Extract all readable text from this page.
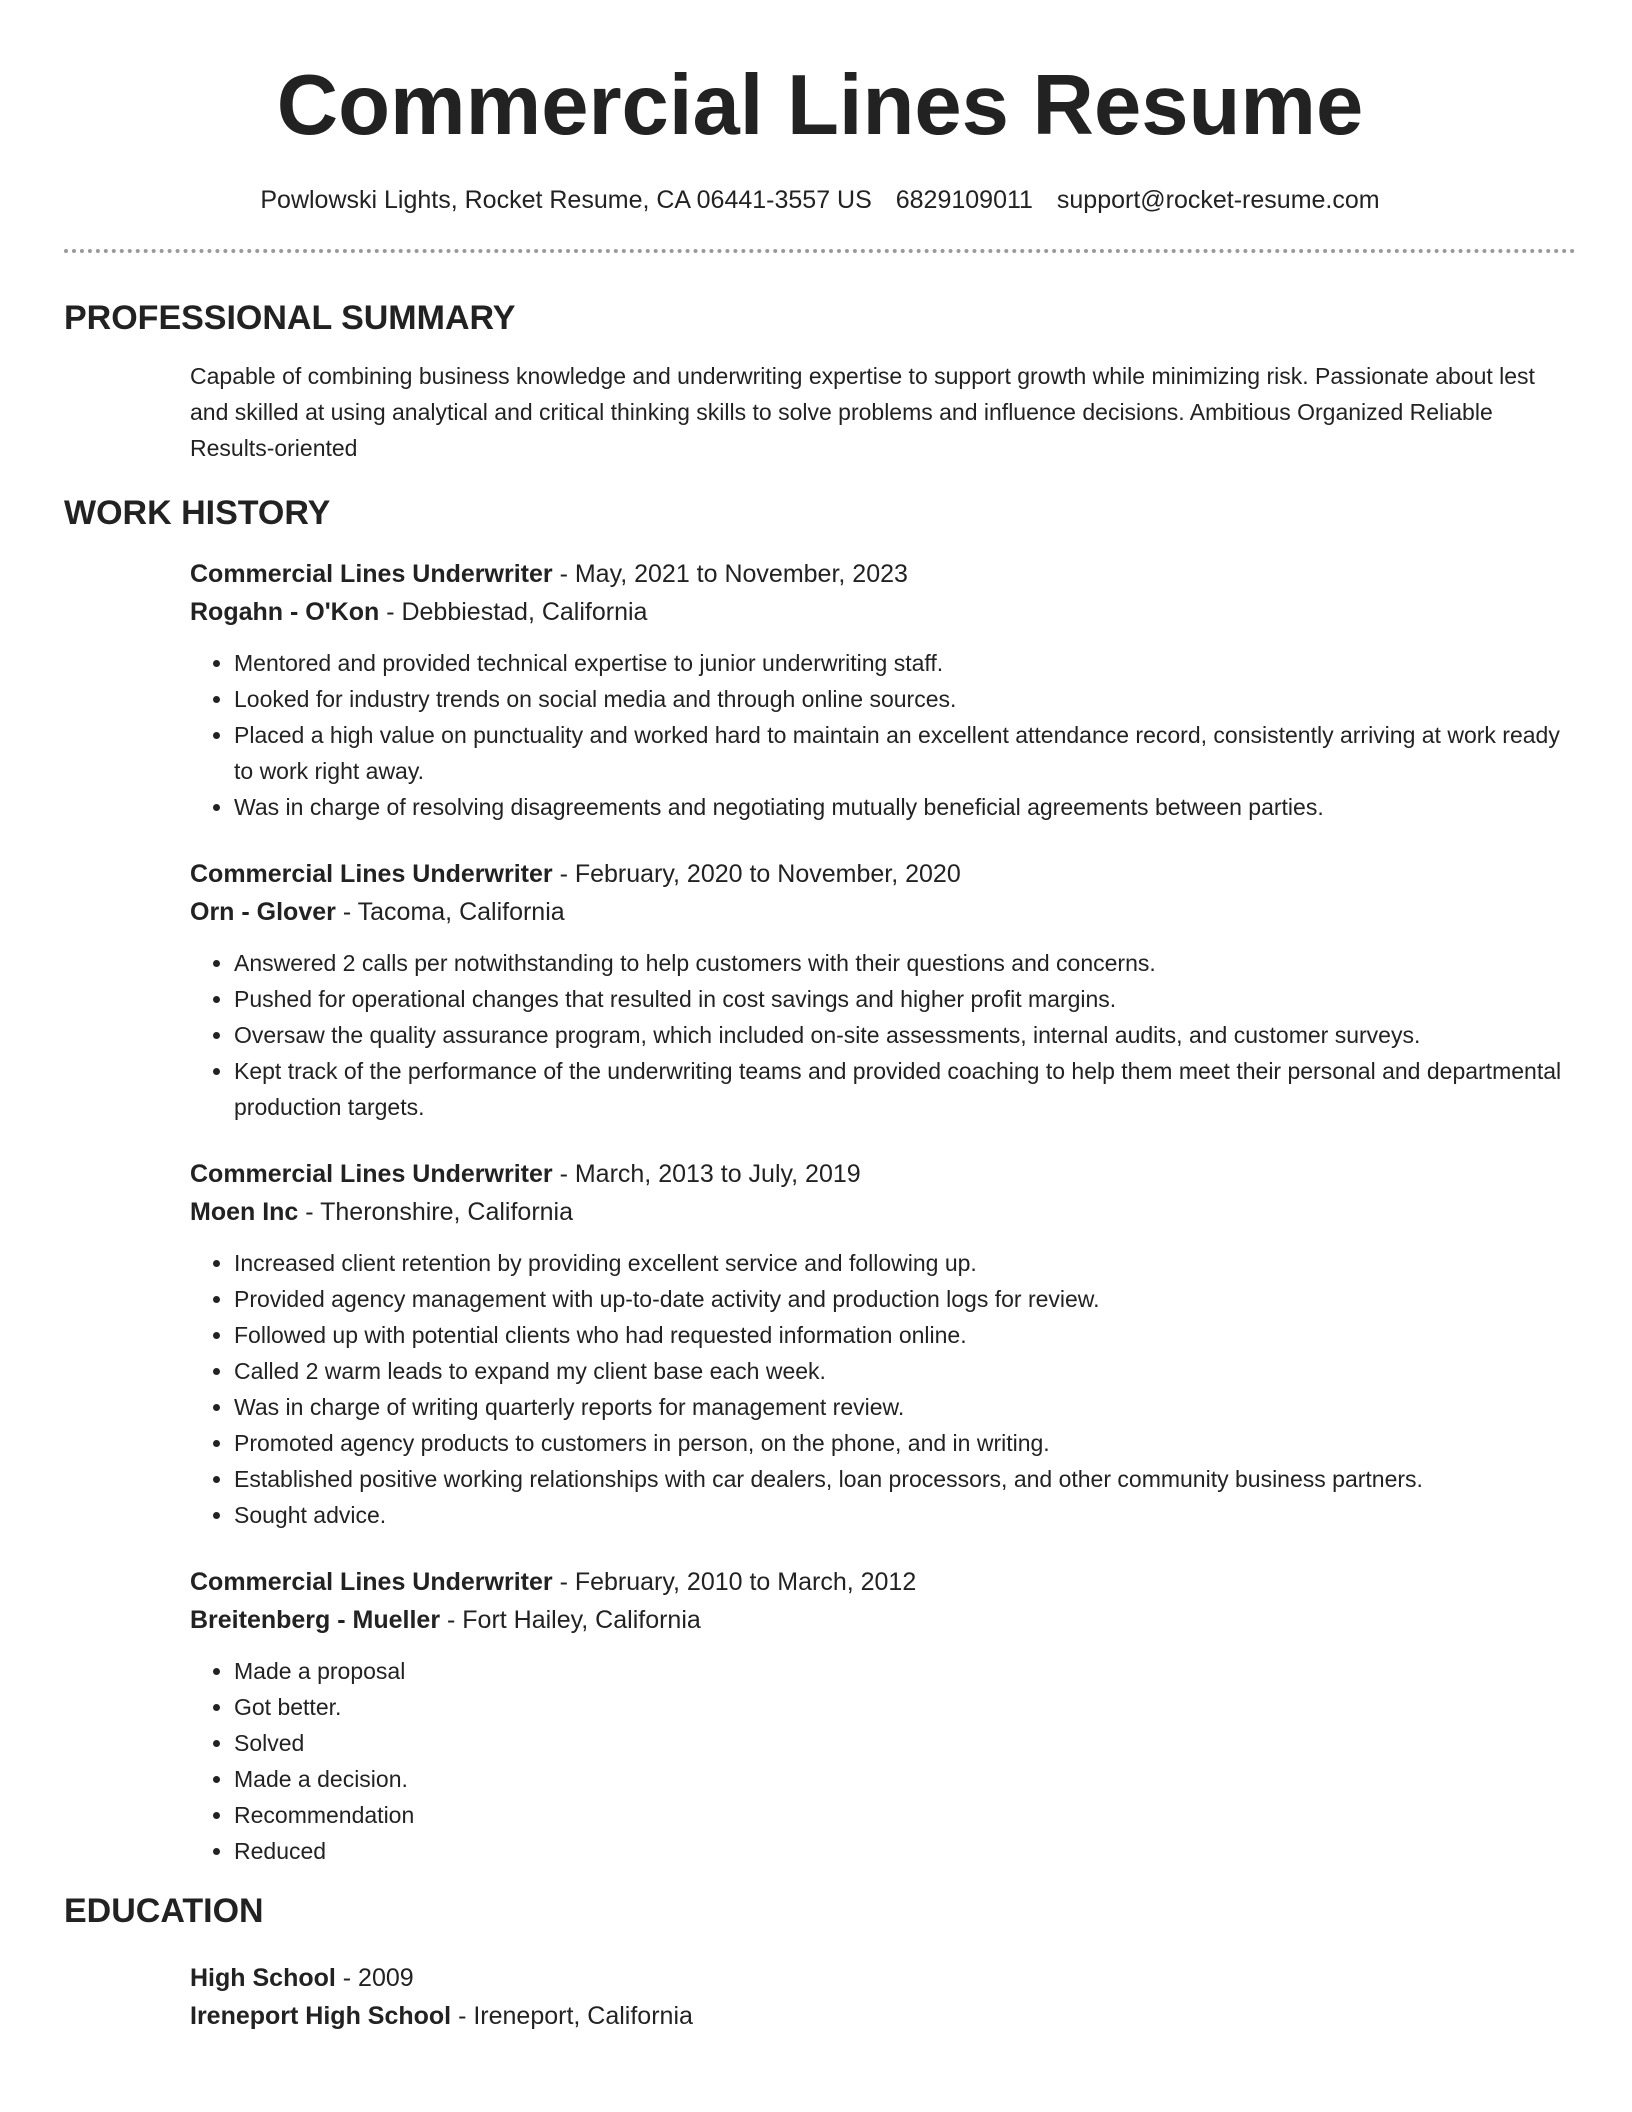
Commercial Lines Resume
Powlowski Lights, Rocket Resume, CA 06441-3557 US 6829109011 support@rocket-resume.com
PROFESSIONAL SUMMARY

Capable of combining business knowledge and underwriting expertise to support growth while minimizing risk. Passionate about lest and skilled at using analytical and critical thinking skills to solve problems and influence decisions. Ambitious Organized Reliable Results-oriented

WORK HISTORY
Commercial Lines Underwriter - May, 2021 to November, 2023
Rogahn - O'Kon - Debbiestad, California
• Mentored and provided technical expertise to junior underwriting staff.
• Looked for industry trends on social media and through online sources.
• Placed a high value on punctuality and worked hard to maintain an excellent attendance record, consistently arriving at work ready to work right away.
• Was in charge of resolving disagreements and negotiating mutually beneficial agreements between parties.
Commercial Lines Underwriter - February, 2020 to November, 2020
Orn - Glover - Tacoma, California
• Answered 2 calls per notwithstanding to help customers with their questions and concerns.
• Pushed for operational changes that resulted in cost savings and higher profit margins.
• Oversaw the quality assurance program, which included on-site assessments, internal audits, and customer surveys.
• Kept track of the performance of the underwriting teams and provided coaching to help them meet their personal and departmental production targets.
Commercial Lines Underwriter - March, 2013 to July, 2019
Moen Inc - Theronshire, California
• Increased client retention by providing excellent service and following up.
• Provided agency management with up-to-date activity and production logs for review.
• Followed up with potential clients who had requested information online.
• Called 2 warm leads to expand my client base each week.
• Was in charge of writing quarterly reports for management review.
• Promoted agency products to customers in person, on the phone, and in writing.
• Established positive working relationships with car dealers, loan processors, and other community business partners.
• Sought advice.
Commercial Lines Underwriter - February, 2010 to March, 2012
Breitenberg - Mueller - Fort Hailey, California
• Made a proposal
• Got better.
• Solved
• Made a decision.
• Recommendation
• Reduced
EDUCATION
High School - 2009
Ireneport High School - Ireneport, California
